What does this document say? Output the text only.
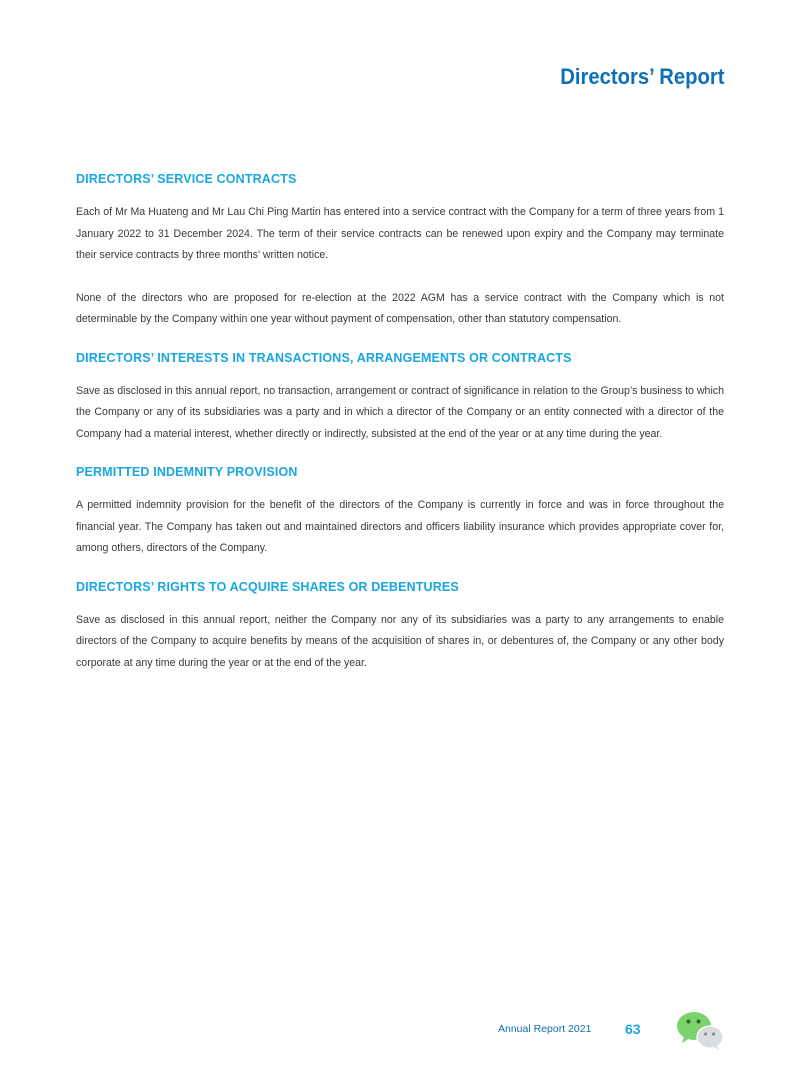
Directors’ Report
DIRECTORS’ SERVICE CONTRACTS

Each of Mr Ma Huateng and Mr Lau Chi Ping Martin has entered into a service contract with the Company for a term of three years from 1 January 2022 to 31 December 2024. The term of their service contracts can be renewed upon expiry and the Company may terminate their service contracts by three months’ written notice.

None of the directors who are proposed for re-election at the 2022 AGM has a service contract with the Company which is not determinable by the Company within one year without payment of compensation, other than statutory compensation.

DIRECTORS’ INTERESTS IN TRANSACTIONS, ARRANGEMENTS OR CONTRACTS

Save as disclosed in this annual report, no transaction, arrangement or contract of significance in relation to the Group’s business to which the Company or any of its subsidiaries was a party and in which a director of the Company or an entity connected with a director of the Company had a material interest, whether directly or indirectly, subsisted at the end of the year or at any time during the year.

PERMITTED INDEMNITY PROVISION

A permitted indemnity provision for the benefit of the directors of the Company is currently in force and was in force throughout the financial year. The Company has taken out and maintained directors and officers liability insurance which provides appropriate cover for, among others, directors of the Company.

DIRECTORS’ RIGHTS TO ACQUIRE SHARES OR DEBENTURES

Save as disclosed in this annual report, neither the Company nor any of its subsidiaries was a party to any arrangements to enable directors of the Company to acquire benefits by means of the acquisition of shares in, or debentures of, the Company or any other body corporate at any time during the year or at the end of the year.

Annual Report 2021 63
